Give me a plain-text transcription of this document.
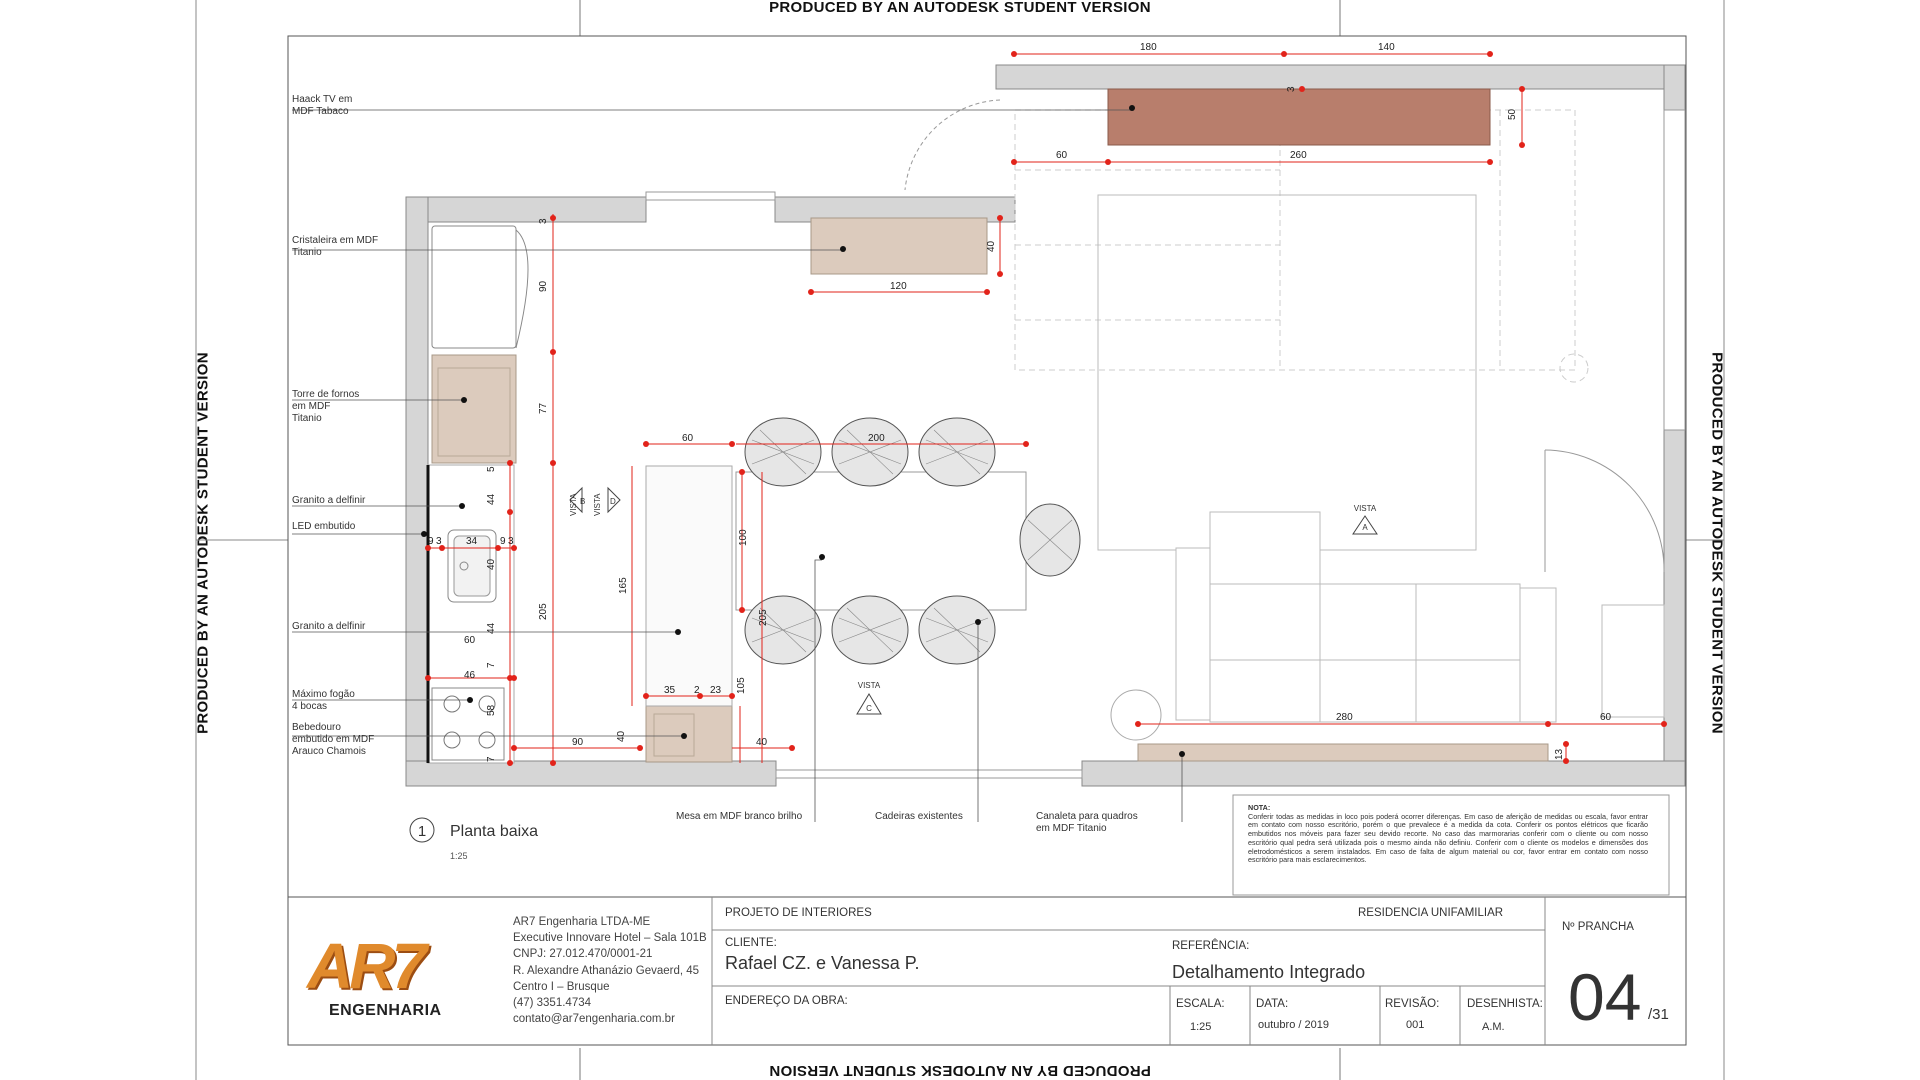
PRODUCED BY AN AUTODESK STUDENT VERSION
PRODUCED BY AN AUTODESK STUDENT VERSION
PRODUCED BY AN AUTODESK STUDENT VERSION	PRODUCED BY AN AUTODESK STUDENT VERSION
180	140
50
3
60	260
40
120
3
90
77
5
44
40
9 3 34 9 3
44
205
60
7
46
58
7
60
165
200
100
205
35 2 23 105
40
90	40
280	60
13
VISTA
A
VISTA
C
VISTA B VISTA D
1 Planta baixa
1:25
Haack TV em
MDF Tabaco
Cristaleira em MDF
Titanio
Torre de fornos
em MDF
Titanio
Granito a delfinir
LED embutido
Granito a delfinir
Máximo fogão
4 bocas
Bebedouro
embutido em MDF
Arauco Chamois
Mesa em MDF branco brilho	Cadeiras existentes	Canaleta para quadros
em MDF Titanio
NOTA:
Conferir todas as medidas in loco pois poderá ocorrer diferenças. Em caso de aferição de medidas ou escala, favor entrar em contato com nosso escritório, porém o que prevalece é a medida da cota. Conferir os pontos elétricos que ficarão embutidos nos móveis para fazer seu devido recorte. No caso das marmorarias conferir com o cliente ou com nosso escritório qual pedra será utilizada pois o mesmo ainda não definiu. Conferir com o cliente os modelos e dimensões dos eletrodomésticos a serem instalados. Em caso de falta de algum material ou cor, favor entrar em contato com nosso escritório para mais esclarecimentos.
AR7
ENGENHARIA
AR7 Engenharia LTDA-ME
Executive Innovare Hotel – Sala 101B
CNPJ: 27.012.470/0001-21
R. Alexandre Athanázio Gevaerd, 45
Centro I – Brusque
(47) 3351.4734
contato@ar7engenharia.com.br
PROJETO DE INTERIORES	RESIDENCIA UNIFAMILIAR
CLIENTE:
Rafael CZ. e Vanessa P.
REFERÊNCIA:
Detalhamento Integrado
ENDEREÇO DA OBRA:	ESCALA:
1:25
DATA:
outubro / 2019
REVISÃO:
001
DESENHISTA:
A.M.
Nº PRANCHA
04 /31
